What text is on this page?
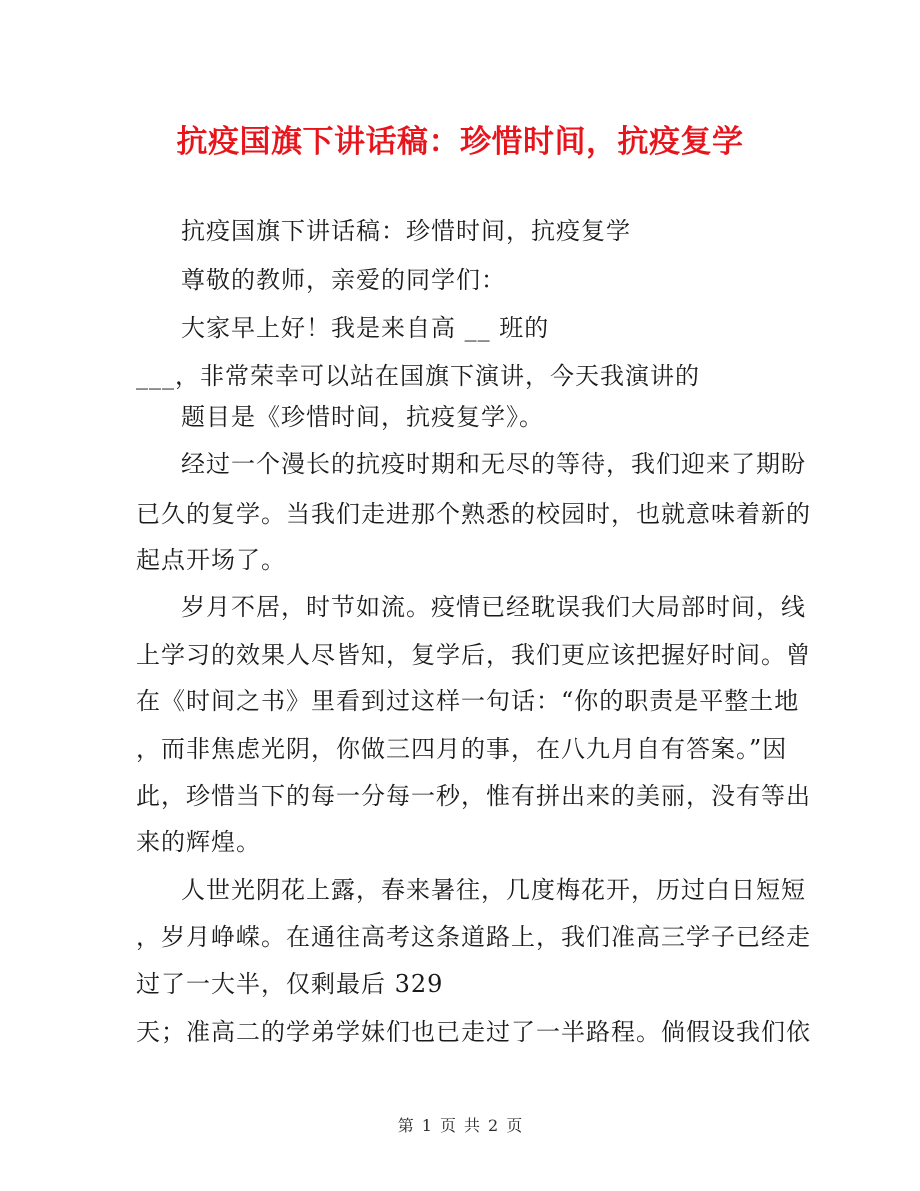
抗疫国旗下讲话稿：珍惜时间，抗疫复学
抗疫国旗下讲话稿：珍惜时间，抗疫复学
尊敬的教师，亲爱的同学们：
大家早上好！我是来自高 __ 班的
___，非常荣幸可以站在国旗下演讲，今天我演讲的
题目是《珍惜时间，抗疫复学》。
经过一个漫长的抗疫时期和无尽的等待，我们迎来了期盼
已久的复学。当我们走进那个熟悉的校园时，也就意味着新的
起点开场了。
岁月不居，时节如流。疫情已经耽误我们大局部时间，线
上学习的效果人尽皆知，复学后，我们更应该把握好时间。曾
在《时间之书》里看到过这样一句话：“你的职责是平整土地
，而非焦虑光阴，你做三四月的事，在八九月自有答案。”因
此，珍惜当下的每一分每一秒，惟有拼出来的美丽，没有等出
来的辉煌。
人世光阴花上露，春来暑往，几度梅花开，历过白日短短
，岁月峥嵘。在通往高考这条道路上，我们准高三学子已经走
过了一大半，仅剩最后 329
天；准高二的学弟学妹们也已走过了一半路程。倘假设我们依
第 1 页 共 2 页
